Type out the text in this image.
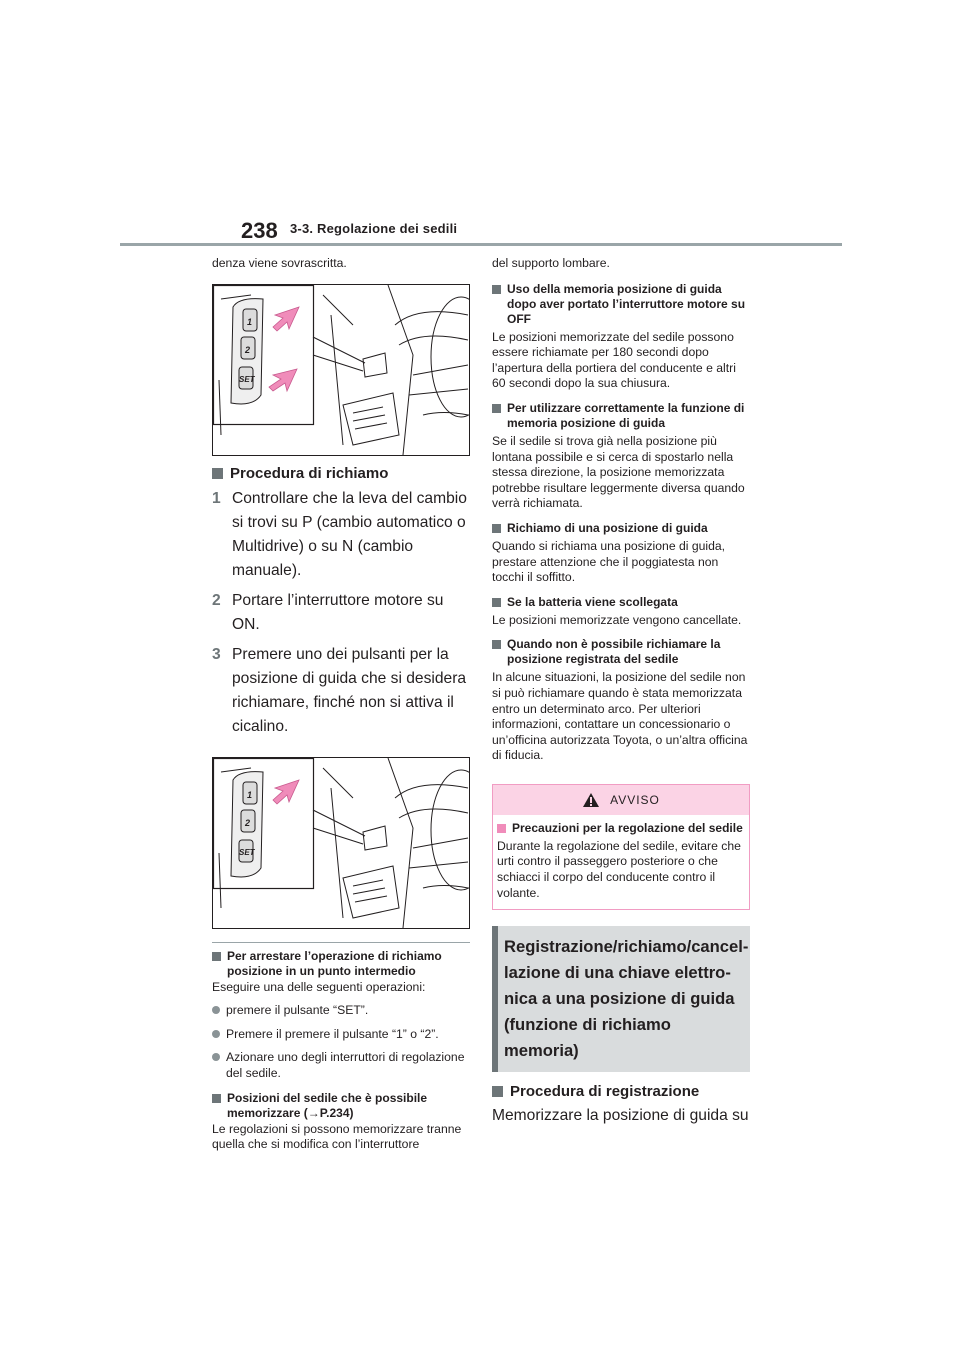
238 3-3. Regolazione dei sedili

denza viene sovrascritta.

1
2
SET
Procedura di richiamo
1 Controllare che la leva del cambio si trovi su P (cambio automatico o Multidrive) o su N (cambio manuale).
2 Portare l’interruttore motore su ON.
3 Premere uno dei pulsanti per la posizione di guida che si desidera richiamare, finché non si attiva il cicalino.
1
2
SET
Per arrestare l’operazione di richiamo posizione in un punto intermedio

Eseguire una delle seguenti operazioni:

premere il pulsante “SET”.
Premere il premere il pulsante “1” o “2”.
Azionare uno degli interruttori di regolazione del sedile.
Posizioni del sedile che è possibile memorizzare (→P.234)

Le regolazioni si possono memorizzare tranne quella che si modifica con l’interruttore

del supporto lombare.

Uso della memoria posizione di guida dopo aver portato l’interruttore motore su OFF

Le posizioni memorizzate del sedile possono essere richiamate per 180 secondi dopo l’apertura della portiera del conducente e altri 60 secondi dopo la sua chiusura.

Per utilizzare correttamente la funzione di memoria posizione di guida

Se il sedile si trova già nella posizione più lontana possibile e si cerca di spostarlo nella stessa direzione, la posizione memorizzata potrebbe risultare leggermente diversa quando verrà richiamata.

Richiamo di una posizione di guida

Quando si richiama una posizione di guida, prestare attenzione che il poggiatesta non tocchi il soffitto.

Se la batteria viene scollegata

Le posizioni memorizzate vengono cancellate.

Quando non è possibile richiamare la posizione registrata del sedile

In alcune situazioni, la posizione del sedile non si può richiamare quando è stata memorizzata entro un determinato arco. Per ulteriori informazioni, contattare un concessionario o un’officina autorizzata Toyota, o un’altra officina di fiducia.

AVVISO
Precauzioni per la regolazione del sedile

Durante la regolazione del sedile, evitare che urti contro il passeggero posteriore o che schiacci il corpo del conducente contro il volante.

Registrazione/richiamo/cancellazione di una chiave elettronica a una posizione di guida (funzione di richiamo memoria)
Procedura di registrazione

Memorizzare la posizione di guida su
